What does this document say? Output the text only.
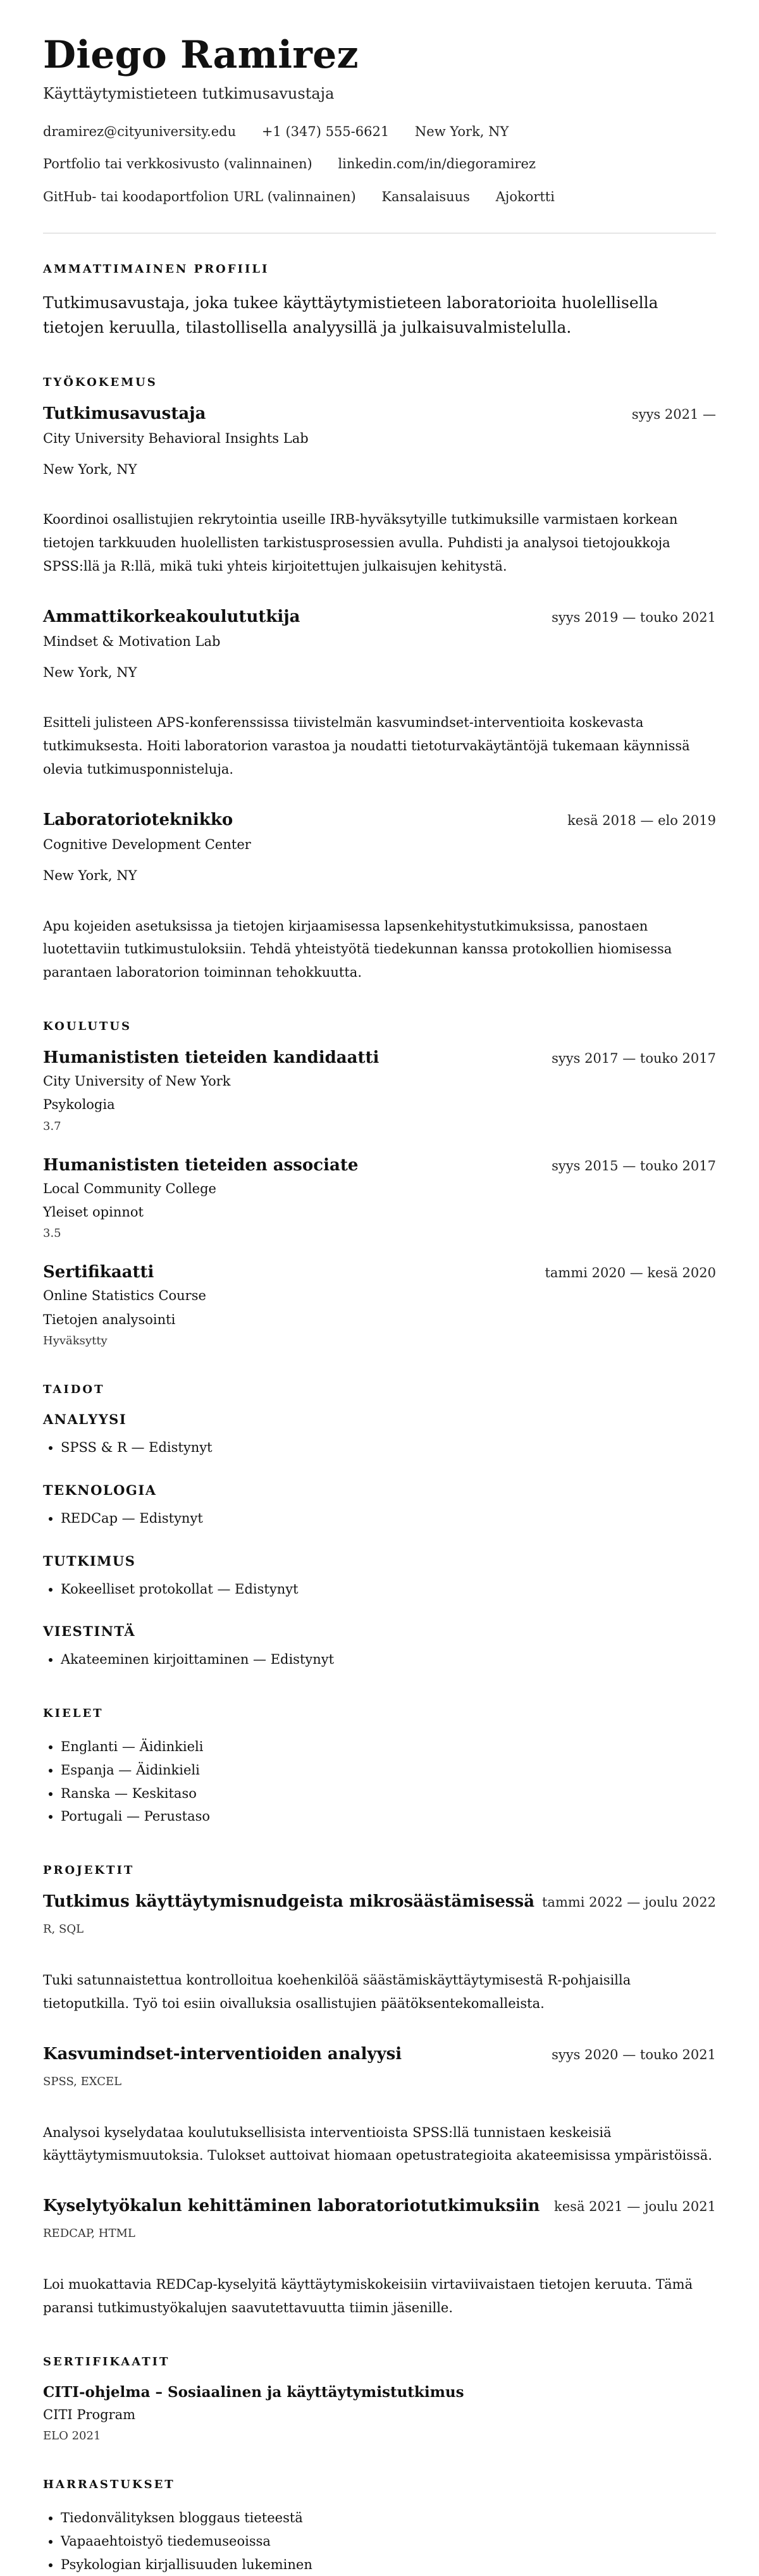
Diego Ramirez
Käyttäytymistieteen tutkimusavustaja
dramirez@cityuniversity.edu +1 (347) 555-6621 New York, NY
Portfolio tai verkkosivusto (valinnainen) linkedin.com/in/diegoramirez
GitHub- tai koodaportfolion URL (valinnainen) Kansalaisuus Ajokortti
AMMATTIMAINEN PROFIILI

Tutkimusavustaja, joka tukee käyttäytymistieteen laboratorioita huolellisella tietojen keruulla, tilastollisella analyysillä ja julkaisuvalmistelulla.

TYÖKOKEMUS
Tutkimusavustaja	syys 2021 —
City University Behavioral Insights Lab
New York, NY
Koordinoi osallistujien rekrytointia useille IRB-hyväksytyille tutkimuksille varmistaen korkean tietojen tarkkuuden huolellisten tarkistusprosessien avulla. Puhdisti ja analysoi tietojoukkoja SPSS:llä ja R:llä, mikä tuki yhteis kirjoitettujen julkaisujen kehitystä.
Ammattikorkeakoulututkija	syys 2019 — touko 2021
Mindset & Motivation Lab
New York, NY
Esitteli julisteen APS-konferenssissa tiivistelmän kasvumindset-interventioita koskevasta tutkimuksesta. Hoiti laboratorion varastoa ja noudatti tietoturvakäytäntöjä tukemaan käynnissä olevia tutkimusponnisteluja.
Laboratorioteknikko	kesä 2018 — elo 2019
Cognitive Development Center
New York, NY
Apu kojeiden asetuksissa ja tietojen kirjaamisessa lapsenkehitystutkimuksissa, panostaen luotettaviin tutkimustuloksiin. Tehdä yhteistyötä tiedekunnan kanssa protokollien hiomisessa parantaen laboratorion toiminnan tehokkuutta.
KOULUTUS
Humanististen tieteiden kandidaatti	syys 2017 — touko 2017
City University of New York
Psykologia
3.7
Humanististen tieteiden associate	syys 2015 — touko 2017
Local Community College
Yleiset opinnot
3.5
Sertifikaatti	tammi 2020 — kesä 2020
Online Statistics Course
Tietojen analysointi
Hyväksytty
TAIDOT
ANALYYSI
• SPSS & R — Edistynyt
TEKNOLOGIA
• REDCap — Edistynyt
TUTKIMUS
• Kokeelliset protokollat — Edistynyt
VIESTINTÄ
• Akateeminen kirjoittaminen — Edistynyt
KIELET
• Englanti — Äidinkieli
• Espanja — Äidinkieli
• Ranska — Keskitaso
• Portugali — Perustaso
PROJEKTIT
Tutkimus käyttäytymisnudgeista mikrosäästämisessä tammi 2022 — joulu 2022
R, SQL
Tuki satunnaistettua kontrolloitua koehenkilöä säästämiskäyttäytymisestä R-pohjaisilla tietoputkilla. Työ toi esiin oivalluksia osallistujien päätöksentekomalleista.
Kasvumindset-interventioiden analyysi	syys 2020 — touko 2021
SPSS, EXCEL
Analysoi kyselydataa koulutuksellisista interventioista SPSS:llä tunnistaen keskeisiä käyttäytymismuutoksia. Tulokset auttoivat hiomaan opetustrategioita akateemisissa ympäristöissä.
Kyselytyökalun kehittäminen laboratoriotutkimuksiin kesä 2021 — joulu 2021
REDCAP, HTML
Loi muokattavia REDCap-kyselyitä käyttäytymiskokeisiin virtaviivaistaen tietojen keruuta. Tämä paransi tutkimustyökalujen saavutettavuutta tiimin jäsenille.
SERTIFIKAATIT
CITI-ohjelma – Sosiaalinen ja käyttäytymistutkimus
CITI Program
ELO 2021
HARRASTUKSET
• Tiedonvälityksen bloggaus tieteestä
• Vapaaehtoistyö tiedemuseoissa
• Psykologian kirjallisuuden lukeminen
